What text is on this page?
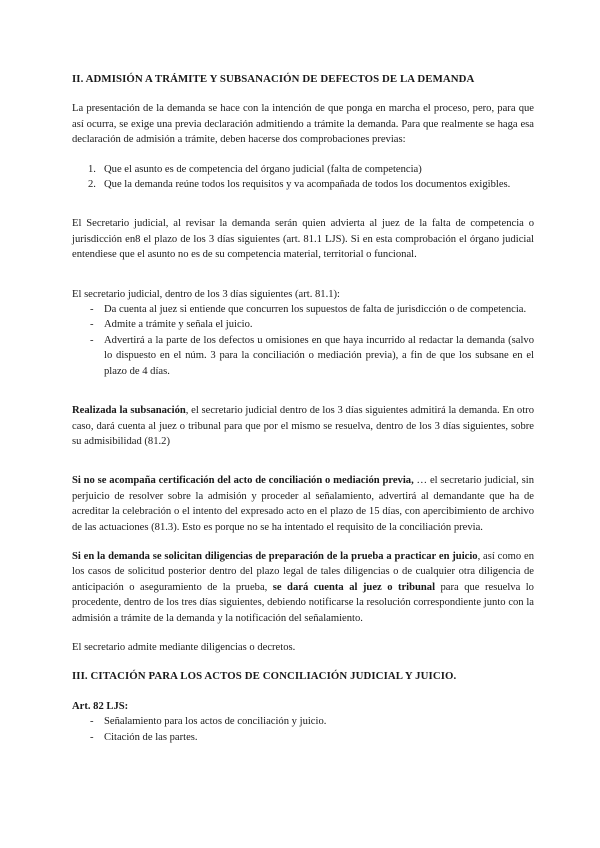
II. ADMISIÓN A TRÁMITE Y SUBSANACIÓN DE DEFECTOS DE LA DEMANDA

La presentación de la demanda se hace con la intención de que ponga en marcha el proceso, pero, para que así ocurra, se exige una previa declaración admitiendo a trámite la demanda. Para que realmente se haga esa declaración de admisión a trámite, deben hacerse dos comprobaciones previas:

1. Que el asunto es de competencia del órgano judicial (falta de competencia)
2. Que la demanda reúne todos los requisitos y va acompañada de todos los documentos exigibles.

El Secretario judicial, al revisar la demanda serán quien advierta al juez de la falta de competencia o jurisdicción en8 el plazo de los 3 días siguientes (art. 81.1 LJS). Si en esta comprobación el órgano judicial entendiese que el asunto no es de su competencia material, territorial o funcional.

El secretario judicial, dentro de los 3 días siguientes (art. 81.1):

- Da cuenta al juez si entiende que concurren los supuestos de falta de jurisdicción o de competencia.
- Admite a trámite y señala el juicio.
- Advertirá a la parte de los defectos u omisiones en que haya incurrido al redactar la demanda (salvo lo dispuesto en el núm. 3 para la conciliación o mediación previa), a fin de que los subsane en el plazo de 4 días.

Realizada la subsanación, el secretario judicial dentro de los 3 días siguientes admitirá la demanda. En otro caso, dará cuenta al juez o tribunal para que por el mismo se resuelva, dentro de los 3 días siguientes, sobre su admisibilidad (81.2)

Si no se acompaña certificación del acto de conciliación o mediación previa, … el secretario judicial, sin perjuicio de resolver sobre la admisión y proceder al señalamiento, advertirá al demandante que ha de acreditar la celebración o el intento del expresado acto en el plazo de 15 días, con apercibimiento de archivo de las actuaciones (81.3). Esto es porque no se ha intentado el requisito de la conciliación previa.

Si en la demanda se solicitan diligencias de preparación de la prueba a practicar en juicio, así como en los casos de solicitud posterior dentro del plazo legal de tales diligencias o de cualquier otra diligencia de anticipación o aseguramiento de la prueba, se dará cuenta al juez o tribunal para que resuelva lo procedente, dentro de los tres días siguientes, debiendo notificarse la resolución correspondiente junto con la admisión a trámite de la demanda y la notificación del señalamiento.

El secretario admite mediante diligencias o decretos.

III. CITACIÓN PARA LOS ACTOS DE CONCILIACIÓN JUDICIAL Y JUICIO.
Art. 82 LJS:
- Señalamiento para los actos de conciliación y juicio.
- Citación de las partes.
